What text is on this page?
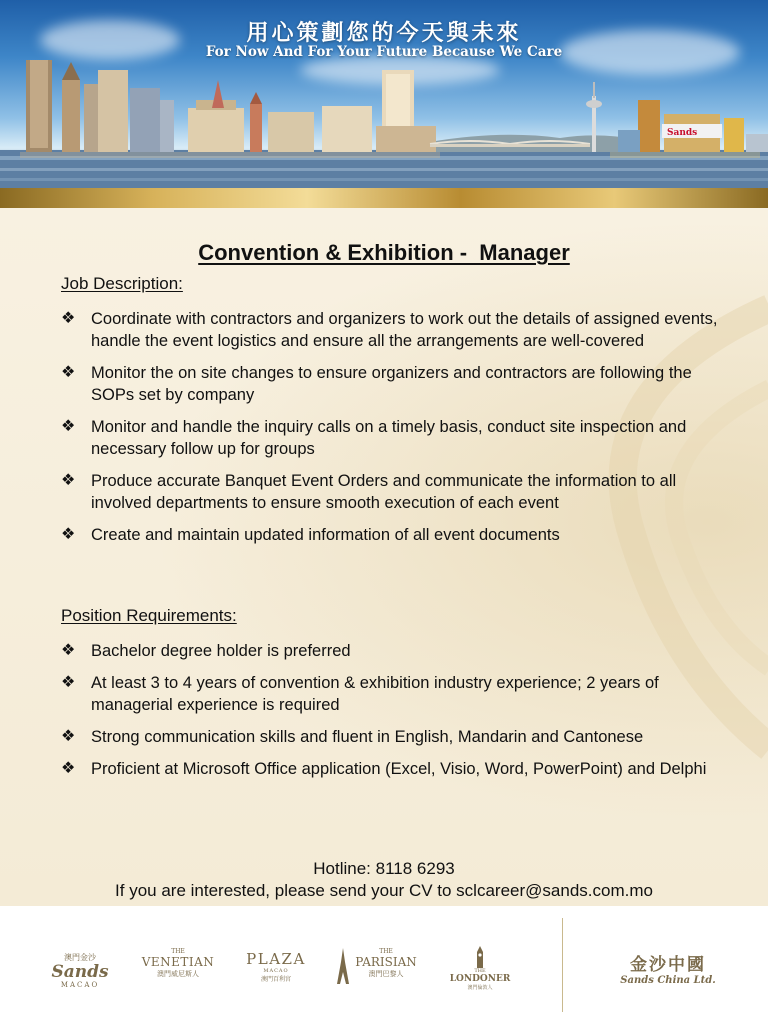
用心策劃您的今天與未來
For Now And For Your Future Because We Care
Sands
Convention & Exhibition -  Manager
Job Description:
❖ Coordinate with contractors and organizers to work out the details of assigned events, handle the event logistics and ensure all the arrangements are well-covered
❖ Monitor the on site changes to ensure organizers and contractors are following the SOPs set by company
❖ Monitor and handle the inquiry calls on a timely basis, conduct site inspection and necessary follow up for groups
❖ Produce accurate Banquet Event Orders and communicate the information to all involved departments to ensure smooth execution of each event
❖ Create and maintain updated information of all event documents
Position Requirements:
❖ Bachelor degree holder is preferred
❖ At least 3 to 4 years of convention & exhibition industry experience; 2 years of managerial experience is required
❖ Strong communication skills and fluent in English, Mandarin and Cantonese
❖ Proficient at Microsoft Office application (Excel, Visio, Word, PowerPoint) and Delphi
Hotline: 8118 6293
If you are interested, please send your CV to sclcareer@sands.com.mo
澳門金沙
Sands
MACAO
THE
VENETIAN
澳門威尼斯人
PLAZA
MACAO
澳門百利宮
THE
PARISIAN
澳門巴黎人	THE
LONDONER
澳門倫敦人
金沙中國
Sands China Ltd.
